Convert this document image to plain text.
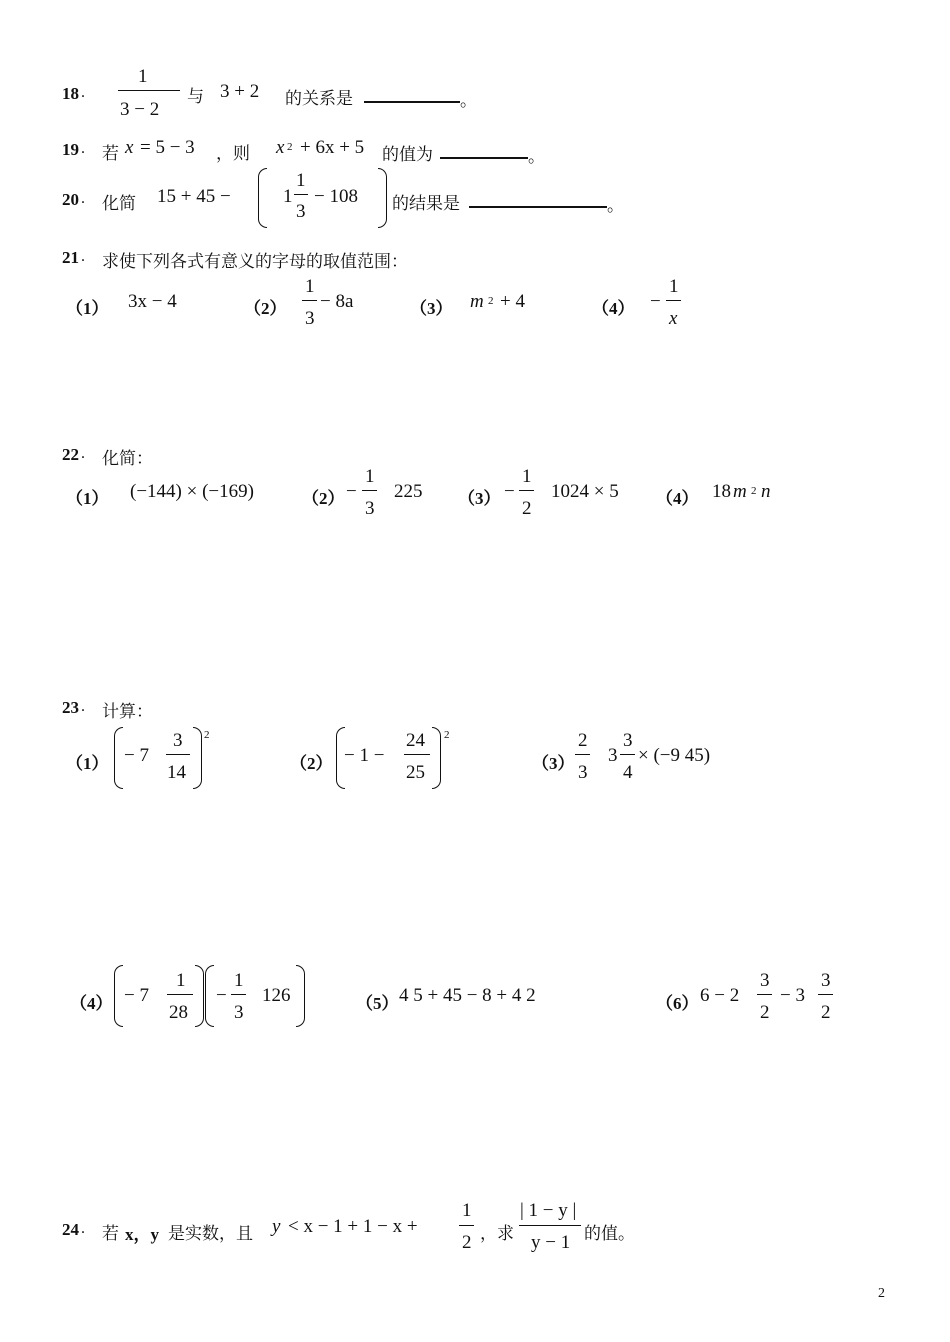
18 .
1
3 − 2
与 3 + 2 的关系是	。
19 . 若 x = 5 − 3 ，则 x 2 + 6x + 5 的值为	。
20 . 化简 15 + 45 −	1
1
3
− 108 的结果是	。
21 . 求使下列各式有意义的字母的取值范围：
（1） 3x − 4	（2）
1
3
− 8a	（3） m 2 + 4	（4） −
1
x
22 . 化简：
（1） (−144) × (−169)	（2） −
1
3
225 （3） −
1
2
1024 × 5 （4） 18 m 2 n
23 . 计算：
（1） − 7
3
14
2
（2） − 1 −
24
25
2
（3）
2
3
3
3
4
× (−9 45)
（4） − 7
1
28
−
1
3
126	（5） 4 5 + 45 − 8 + 4 2	（6） 6 − 2
3
2
− 3
3
2
24 . 若 x，y 是实数，且 y < x − 1 + 1 − x +
1
2 ，求
| 1 − y |
y − 1 的值。
2
